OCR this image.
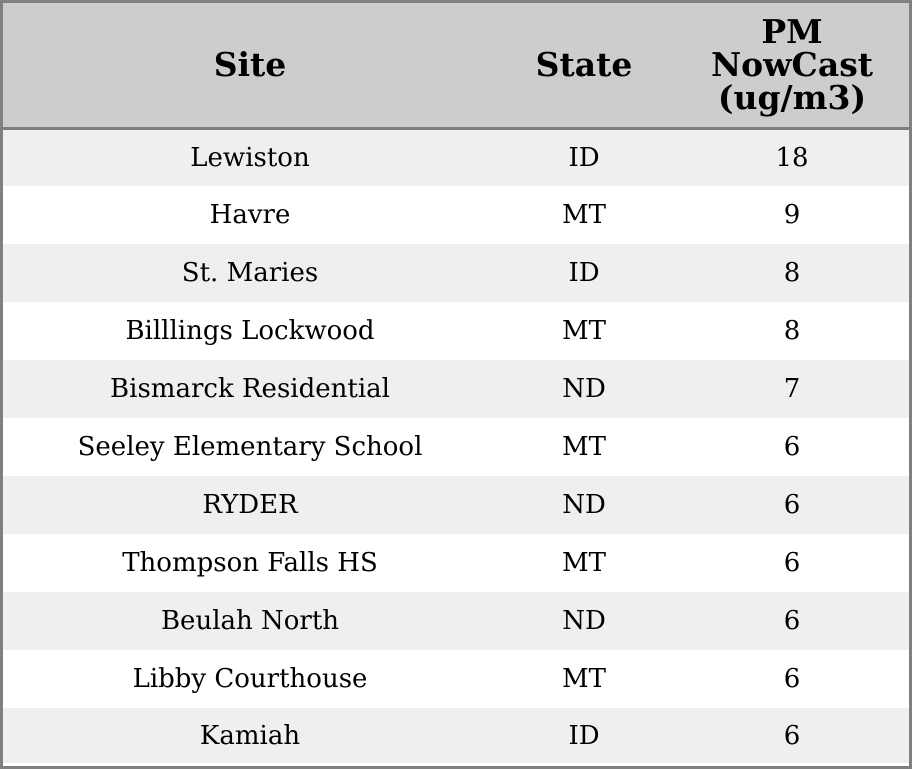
Site	State	PM
NowCast
(ug/m3)
Lewiston	ID	18
Havre	MT	9
St. Maries	ID	8
Billlings Lockwood	MT	8
Bismarck Residential	ND	7
Seeley Elementary School	MT	6
RYDER	ND	6
Thompson Falls HS	MT	6
Beulah North	ND	6
Libby Courthouse	MT	6
Kamiah	ID	6
